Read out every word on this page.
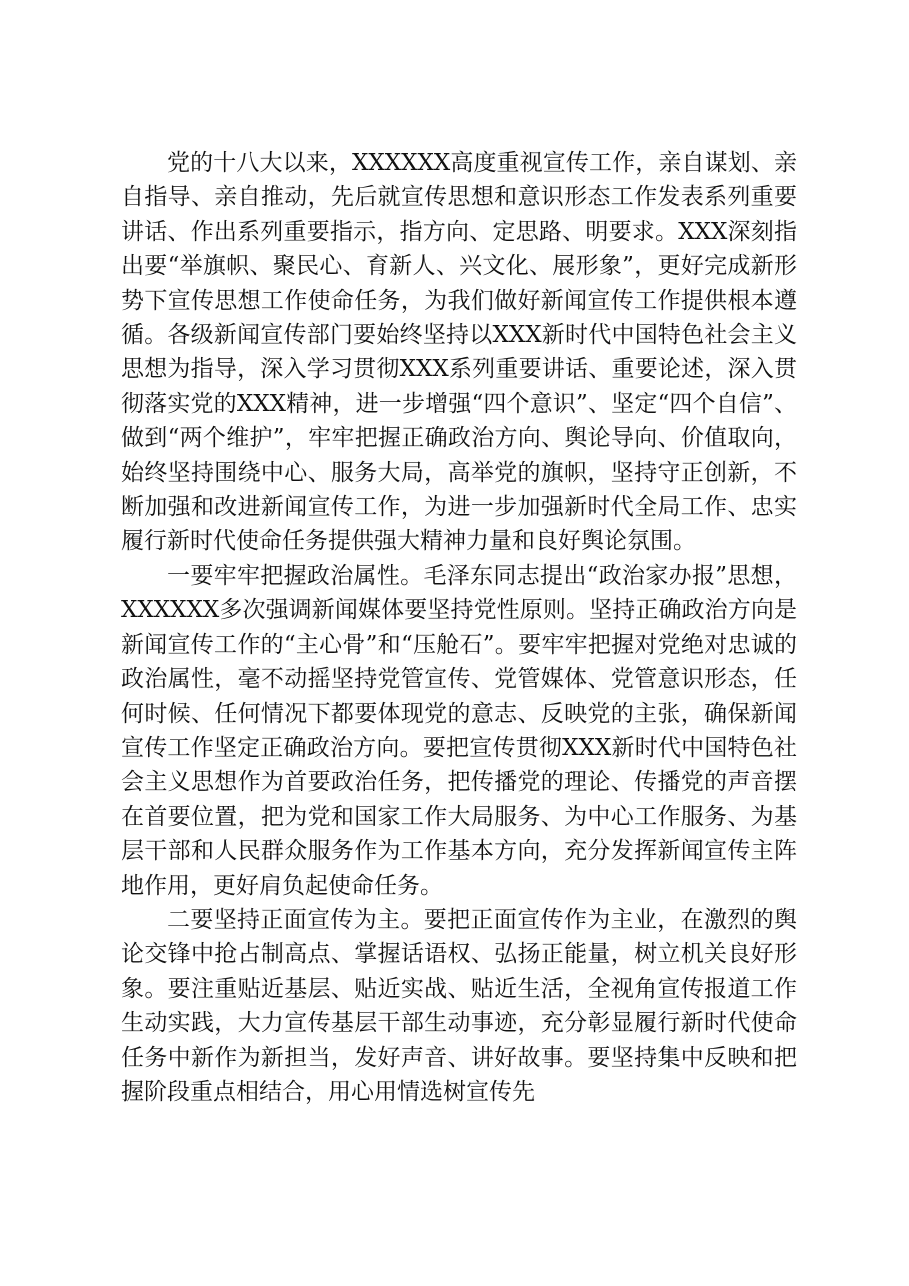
党的十八大以来，XXXXXX高度重视宣传工作，亲自谋划、亲自指导、亲自推动，先后就宣传思想和意识形态工作发表系列重要讲话、作出系列重要指示，指方向、定思路、明要求。XXX深刻指出要“举旗帜、聚民心、育新人、兴文化、展形象”，更好完成新形势下宣传思想工作使命任务，为我们做好新闻宣传工作提供根本遵循。各级新闻宣传部门要始终坚持以XXX新时代中国特色社会主义思想为指导，深入学习贯彻XXX系列重要讲话、重要论述，深入贯彻落实党的XXX精神，进一步增强“四个意识”、坚定“四个自信”、做到“两个维护”，牢牢把握正确政治方向、舆论导向、价值取向，始终坚持围绕中心、服务大局，高举党的旗帜，坚持守正创新，不断加强和改进新闻宣传工作，为进一步加强新时代全局工作、忠实履行新时代使命任务提供强大精神力量和良好舆论氛围。

一要牢牢把握政治属性。毛泽东同志提出“政治家办报”思想，XXXXXX多次强调新闻媒体要坚持党性原则。坚持正确政治方向是新闻宣传工作的“主心骨”和“压舱石”。要牢牢把握对党绝对忠诚的政治属性，毫不动摇坚持党管宣传、党管媒体、党管意识形态，任何时候、任何情况下都要体现党的意志、反映党的主张，确保新闻宣传工作坚定正确政治方向。要把宣传贯彻XXX新时代中国特色社会主义思想作为首要政治任务，把传播党的理论、传播党的声音摆在首要位置，把为党和国家工作大局服务、为中心工作服务、为基层干部和人民群众服务作为工作基本方向，充分发挥新闻宣传主阵地作用，更好肩负起使命任务。

二要坚持正面宣传为主。要把正面宣传作为主业，在激烈的舆论交锋中抢占制高点、掌握话语权、弘扬正能量，树立机关良好形象。要注重贴近基层、贴近实战、贴近生活，全视角宣传报道工作生动实践，大力宣传基层干部生动事迹，充分彰显履行新时代使命任务中新作为新担当，发好声音、讲好故事。要坚持集中反映和把握阶段重点相结合，用心用情选树宣传先
